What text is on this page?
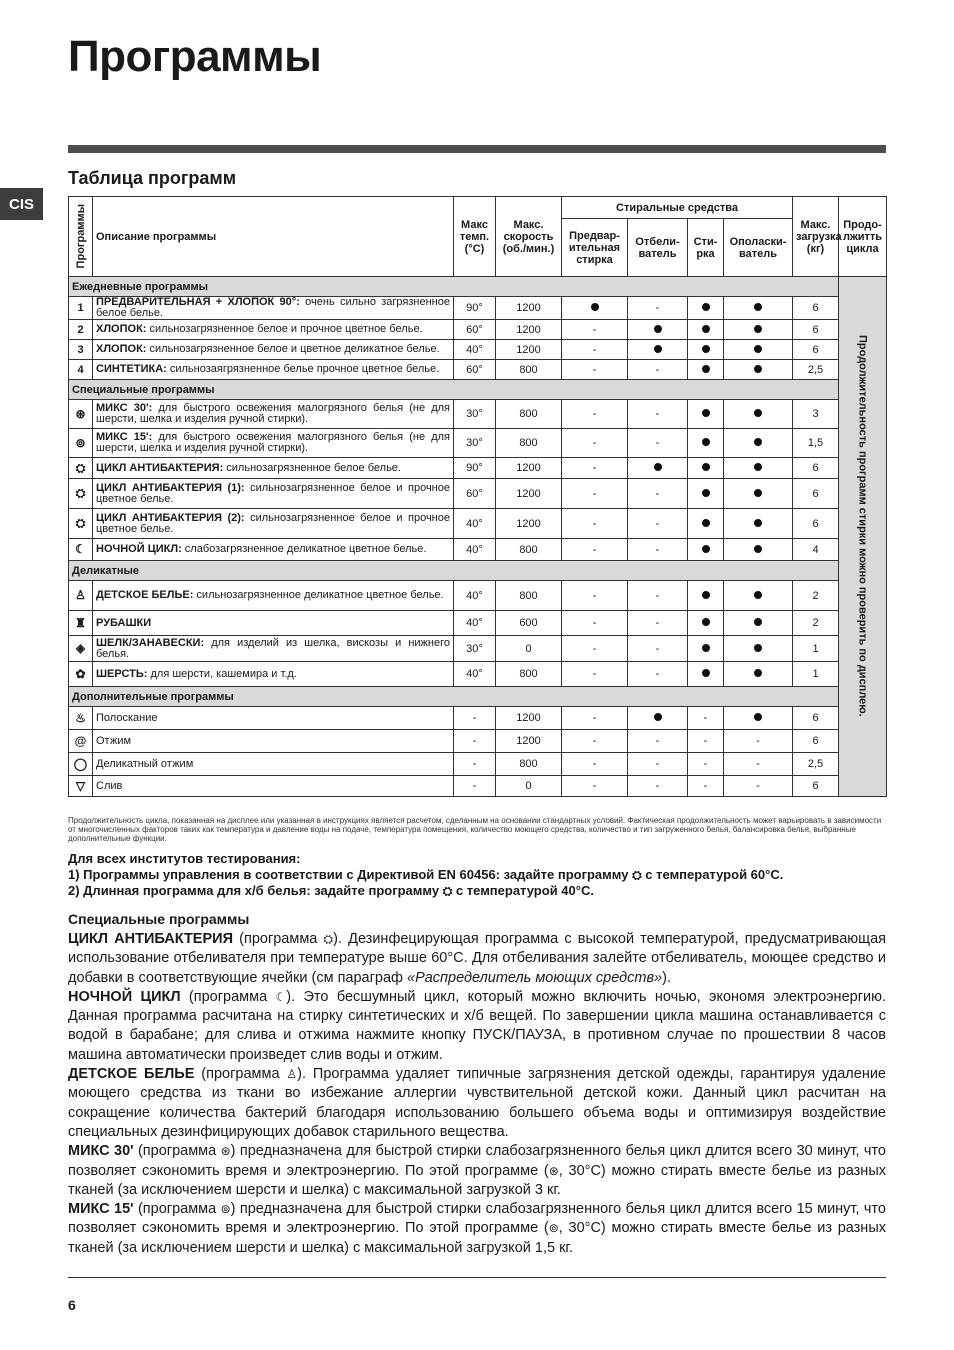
Программы
CIS
Таблица программ
Программы	Описание программы	Макс темп. (°C)	Макс. скорость (об./мин.)	Стиральные средства				Макс. загрузка (кг)	Продо-лжитть цикла
				Предвар-ительная стирка	Отбели-ватель	Сти-рка	Ополаски-ватель		
Ежедневные программы									Продолжительность программ стирки можно проверить по дисплею.

1	ПРЕДВАРИТЕЛЬНАЯ + ХЛОПОК 90°: очень сильно загрязненное белое белье.	90°	1200		-			6	
2	ХЛОПОК: сильнозагрязненное белое и прочное цветное белье.	60°	1200	-				6	
3	ХЛОПОК: сильнозагрязненное белое и цветное деликатное белье.	40°	1200	-				6	
4	СИНТЕТИКА: сильнозаягрязненное белье прочное цветное белье.	60°	800	-	-			2,5	
Специальные программы									
⊛	МИКС 30': для быстрого освежения малогрязного белья (не для шерсти, шелка и изделия ручной стирки).	30°	800	-	-			3	
⊚	МИКС 15': для быстрого освежения малогрязного белья (не для шерсти, шелка и изделия ручной стирки).	30°	800	-	-			1,5	
⛭	ЦИКЛ АНТИБАКТЕРИЯ: сильнозагрязненное белое белье.	90°	1200	-				6	
⛭	ЦИКЛ АНТИБАКТЕРИЯ (1): сильнозагрязненное белое и прочное цветное белье.	60°	1200	-	-			6	
⛭	ЦИКЛ АНТИБАКТЕРИЯ (2): сильнозагрязненное белое и прочное цветное белье.	40°	1200	-	-			6	
☾	НОЧНОЙ ЦИКЛ: слабозагрязненное деликатное цветное белье.	40°	800	-	-			4	
Деликатные									
♙	ДЕТСКОЕ БЕЛЬЕ: сильнозагрязненное деликатное цветное белье.	40°	800	-	-			2	
♜	РУБАШКИ	40°	600	-	-			2	
◈	ШЕЛК/ЗАНАВЕСКИ: для изделий из шелка, вискозы и нижнего белья.	30°	0	-	-			1	
✿	ШЕРСТЬ: для шерсти, кашемира и т.д.	40°	800	-	-			1	
Дополнительные программы									
♨	Полоскание	-	1200	-		-		6	
@	Отжим	-	1200	-	-	-	-	6	
◯	Деликатный отжим	-	800	-	-	-	-	2,5	
▽	Слив	-	0	-	-	-	-	6	
Продолжительность цикла, показанная на дисплее или указанная в инструкциях является расчетом, сделанным на основании стандартных условий. Фактическая продолжительность может варьировать в зависимости от многочисленных факторов таких как температура и давление воды на подаче, температура помещения, количество моющего средства, количество и тип загруженного белья, балансировка белья, выбранные дополнительные функции.

Для всех институтов тестирования:

1) Программы управления в соответствии с Директивой EN 60456: задайте программу ⛭ с температурой 60°C.

2) Длинная программа для х/б белья: задайте программу ⛭ с температурой 40°C.

Специальные программы

ЦИКЛ АНТИБАКТЕРИЯ (программа ⛭). Дезинфецирующая программа с высокой температурой, предусматривающая использование отбеливателя при температуре выше 60°C. Для отбеливания залейте отбеливатель, моющее средство и добавки в соответствующие ячейки (см параграф «Распределитель моющих средств»).

НОЧНОЙ ЦИКЛ (программа ☾). Это бесшумный цикл, который можно включить ночью, экономя электроэнергию. Данная программа расчитана на стирку синтетических и х/б вещей. По завершении цикла машина останавливается с водой в барабане; для слива и отжима нажмите кнопку ПУСК/ПАУЗА, в противном случае по прошествии 8 часов машина автоматически произведет слив воды и отжим.

ДЕТСКОЕ БЕЛЬЕ (программа ♙). Программа удаляет типичные загрязнения детской одежды, гарантируя удаление моющего средства из ткани во избежание аллергии чувствительной детской кожи. Данный цикл расчитан на сокращение количества бактерий благодаря использованию большего объема воды и оптимизируя воздействие специальных дезинфицирующих добавок старильного вещества.

МИКС 30' (программа ⊛) предназначена для быстрой стирки слабозагрязненного белья цикл длится всего 30 минут, что позволяет сэкономить время и электроэнергию. По этой программе (⊛, 30°C) можно стирать вместе белье из разных тканей (за исключением шерсти и шелка) с максимальной загрузкой 3 кг.

МИКС 15' (программа ⊚) предназначена для быстрой стирки слабозагрязненного белья цикл длится всего 15 минут, что позволяет сэкономить время и электроэнергию. По этой программе (⊚, 30°C) можно стирать вместе белье из разных тканей (за исключением шерсти и шелка) с максимальной загрузкой 1,5 кг.

6
